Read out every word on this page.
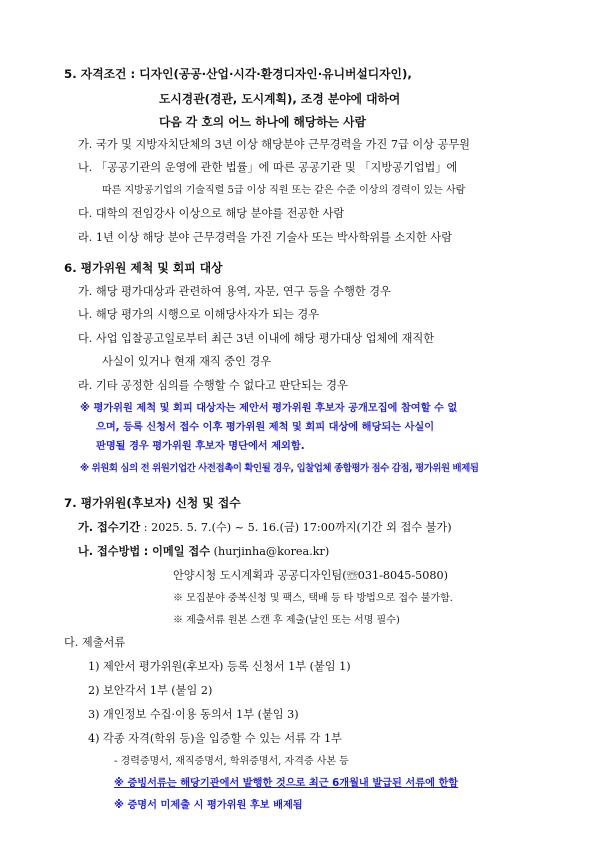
5. 자격조건 : 디자인(공공·산업·시각·환경디자인·유니버설디자인),
도시경관(경관, 도시계획), 조경 분야에 대하여
다음 각 호의 어느 하나에 해당하는 사람
가. 국가 및 지방자치단체의 3년 이상 해당분야 근무경력을 가진 7급 이상 공무원
나. 「공공기관의 운영에 관한 법률」에 따른 공공기관 및 「지방공기업법」에
따른 지방공기업의 기술직렬 5급 이상 직원 또는 같은 수준 이상의 경력이 있는 사람
다. 대학의 전임강사 이상으로 해당 분야를 전공한 사람
라. 1년 이상 해당 분야 근무경력을 가진 기술사 또는 박사학위를 소지한 사람
6. 평가위원 제척 및 회피 대상
가. 해당 평가대상과 관련하여 용역, 자문, 연구 등을 수행한 경우
나. 해당 평가의 시행으로 이해당사자가 되는 경우
다. 사업 입찰공고일로부터 최근 3년 이내에 해당 평가대상 업체에 재직한
사실이 있거나 현재 재직 중인 경우
라. 기타 공정한 심의를 수행할 수 없다고 판단되는 경우
※ 평가위원 제척 및 회피 대상자는 제안서 평가위원 후보자 공개모집에 참여할 수 없
으며, 등록 신청서 접수 이후 평가위원 제척 및 회피 대상에 해당되는 사실이
판명될 경우 평가위원 후보자 명단에서 제외함.
※ 위원회 심의 전 위원기업간 사전접촉이 확인될 경우, 입찰업체 종합평가 점수 감점, 평가위원 배제됨
7. 평가위원(후보자) 신청 및 접수
가. 접수기간 : 2025. 5. 7.(수) ~ 5. 16.(금) 17:00까지(기간 외 접수 불가)
나. 접수방법 : 이메일 접수 (hurjinha@korea.kr)
안양시청 도시계획과 공공디자인팀(☏031-8045-5080)
※ 모집분야 중복신청 및 팩스, 택배 등 타 방법으로 접수 불가함.
※ 제출서류 원본 스캔 후 제출(날인 또는 서명 필수)
다. 제출서류
1) 제안서 평가위원(후보자) 등록 신청서 1부 (붙임 1)
2) 보안각서 1부 (붙임 2)
3) 개인정보 수집·이용 동의서 1부 (붙임 3)
4) 각종 자격(학위 등)을 입증할 수 있는 서류 각 1부
- 경력증명서, 재직증명서, 학위증명서, 자격증 사본 등
※ 증빙서류는 해당기관에서 발행한 것으로 최근 6개월내 발급된 서류에 한함
※ 증명서 미제출 시 평가위원 후보 배제됨
